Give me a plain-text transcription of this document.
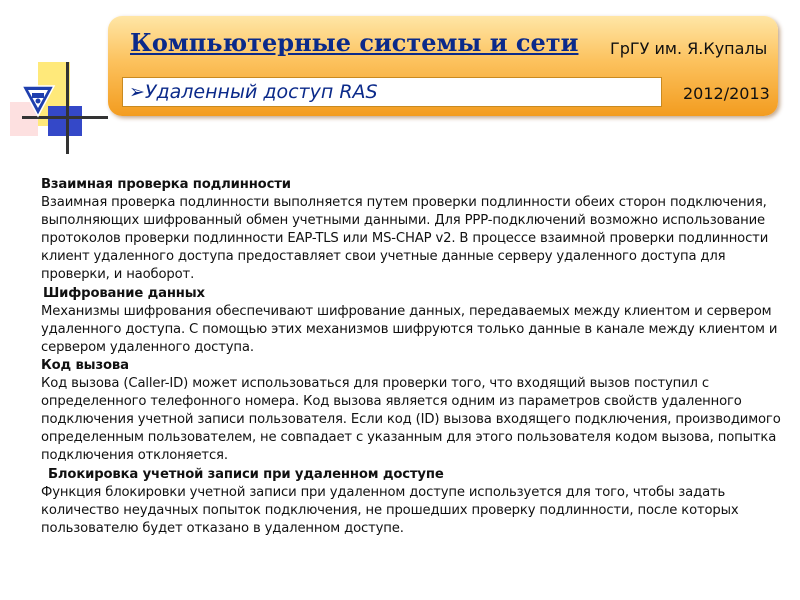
Компьютерные системы и сети ГрГУ им. Я.Купалы
➢Удаленный доступ RAS	2012/2013

Взаимная проверка подлинности

Взаимная проверка подлинности выполняется путем проверки подлинности обеих сторон подключения, выполняющих шифрованный обмен учетными данными. Для PPP-подключений возможно использование протоколов проверки подлинности EAP-TLS или MS-CHAP v2. В процессе взаимной проверки подлинности клиент удаленного доступа предоставляет свои учетные данные серверу удаленного доступа для проверки, и наоборот.

Шифрование данных

Механизмы шифрования обеспечивают шифрование данных, передаваемых между клиентом и сервером удаленного доступа. С помощью этих механизмов шифруются только данные в канале между клиентом и сервером удаленного доступа.

Код вызова

Код вызова (Caller-ID) может использоваться для проверки того, что входящий вызов поступил с определенного телефонного номера. Код вызова является одним из параметров свойств удаленного подключения учетной записи пользователя. Если код (ID) вызова входящего подключения, производимого определенным пользователем, не совпадает с указанным для этого пользователя кодом вызова, попытка подключения отклоняется.

Блокировка учетной записи при удаленном доступе

Функция блокировки учетной записи при удаленном доступе используется для того, чтобы задать количество неудачных попыток подключения, не прошедших проверку подлинности, после которых пользователю будет отказано в удаленном доступе.
